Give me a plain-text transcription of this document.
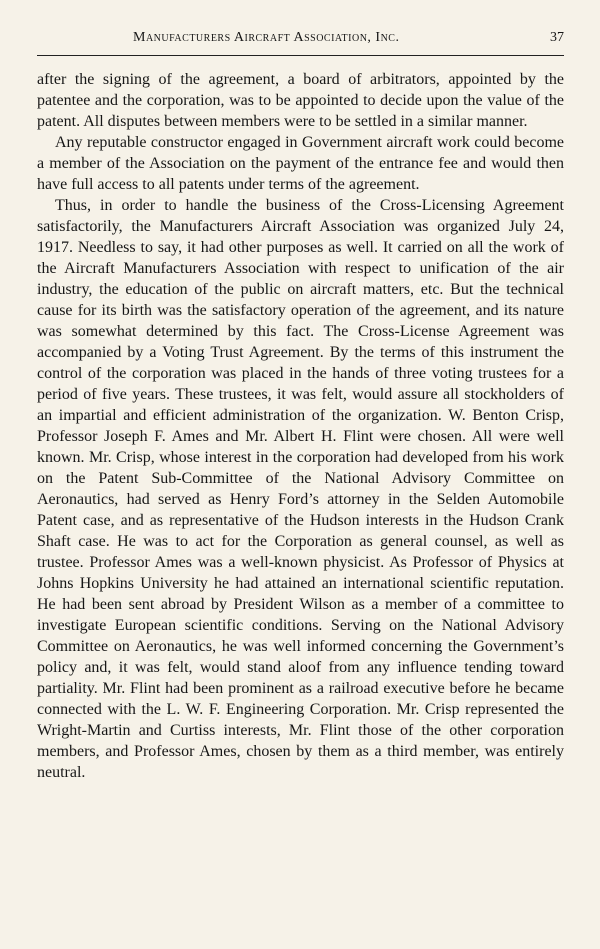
Manufacturers Aircraft Association, Inc.	37

after the signing of the agreement, a board of arbitrators, appointed by the patentee and the corporation, was to be appointed to decide upon the value of the patent. All disputes between members were to be settled in a similar manner.

Any reputable constructor engaged in Government aircraft work could become a member of the Association on the payment of the entrance fee and would then have full access to all patents under terms of the agreement.

Thus, in order to handle the business of the Cross-Licensing Agreement satisfactorily, the Manufacturers Aircraft Association was organized July 24, 1917. Needless to say, it had other purposes as well. It carried on all the work of the Aircraft Manufacturers Association with respect to unification of the air industry, the education of the public on aircraft matters, etc. But the technical cause for its birth was the satisfactory operation of the agreement, and its nature was somewhat determined by this fact. The Cross-License Agreement was accompanied by a Voting Trust Agreement. By the terms of this instrument the control of the corporation was placed in the hands of three voting trustees for a period of five years. These trustees, it was felt, would assure all stockholders of an impartial and efficient administration of the organization. W. Benton Crisp, Professor Joseph F. Ames and Mr. Albert H. Flint were chosen. All were well known. Mr. Crisp, whose interest in the corporation had developed from his work on the Patent Sub-Committee of the National Advisory Committee on Aeronautics, had served as Henry Ford’s attorney in the Selden Automobile Patent case, and as representative of the Hudson interests in the Hudson Crank Shaft case. He was to act for the Corporation as general counsel, as well as trustee. Professor Ames was a well-known physicist. As Professor of Physics at Johns Hopkins University he had attained an international scientific reputation. He had been sent abroad by President Wilson as a member of a committee to investigate European scientific conditions. Serving on the National Advisory Committee on Aeronautics, he was well informed concerning the Government’s policy and, it was felt, would stand aloof from any influence tending toward partiality. Mr. Flint had been prominent as a railroad executive before he became connected with the L. W. F. Engineering Corporation. Mr. Crisp represented the Wright-Martin and Curtiss interests, Mr. Flint those of the other corporation members, and Professor Ames, chosen by them as a third member, was entirely neutral.
